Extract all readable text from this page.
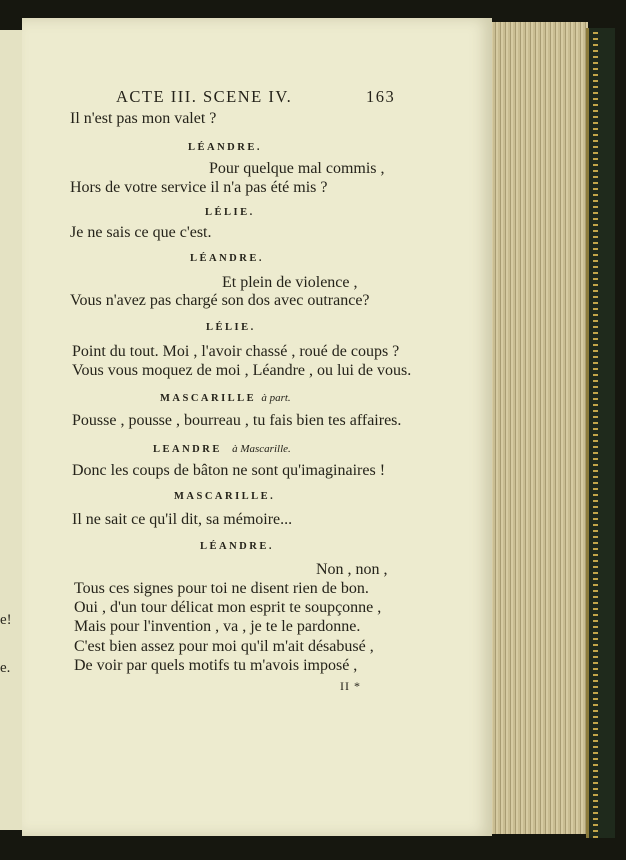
e!
e.
ACTE III. SCENE IV.	163
Il n'est pas mon valet ?
LÉANDRE.
Pour quelque mal commis ,
Hors de votre service il n'a pas été mis ?
LÉLIE.
Je ne sais ce que c'est.
LÉANDRE.
Et plein de violence ,
Vous n'avez pas chargé son dos avec outrance?
LÉLIE.
Point du tout. Moi , l'avoir chassé , roué de coups ?
Vous vous moquez de moi , Léandre , ou lui de vous.
MASCARILLE à part.
Pousse , pousse , bourreau , tu fais bien tes affaires.
LEANDRE à Mascarille.
Donc les coups de bâton ne sont qu'imaginaires !
MASCARILLE.
Il ne sait ce qu'il dit, sa mémoire...
LÉANDRE.
Non , non ,
Tous ces signes pour toi ne disent rien de bon.
Oui , d'un tour délicat mon esprit te soupçonne ,
Mais pour l'invention , va , je te le pardonne.
C'est bien assez pour moi qu'il m'ait désabusé ,
De voir par quels motifs tu m'avois imposé ,
II *
